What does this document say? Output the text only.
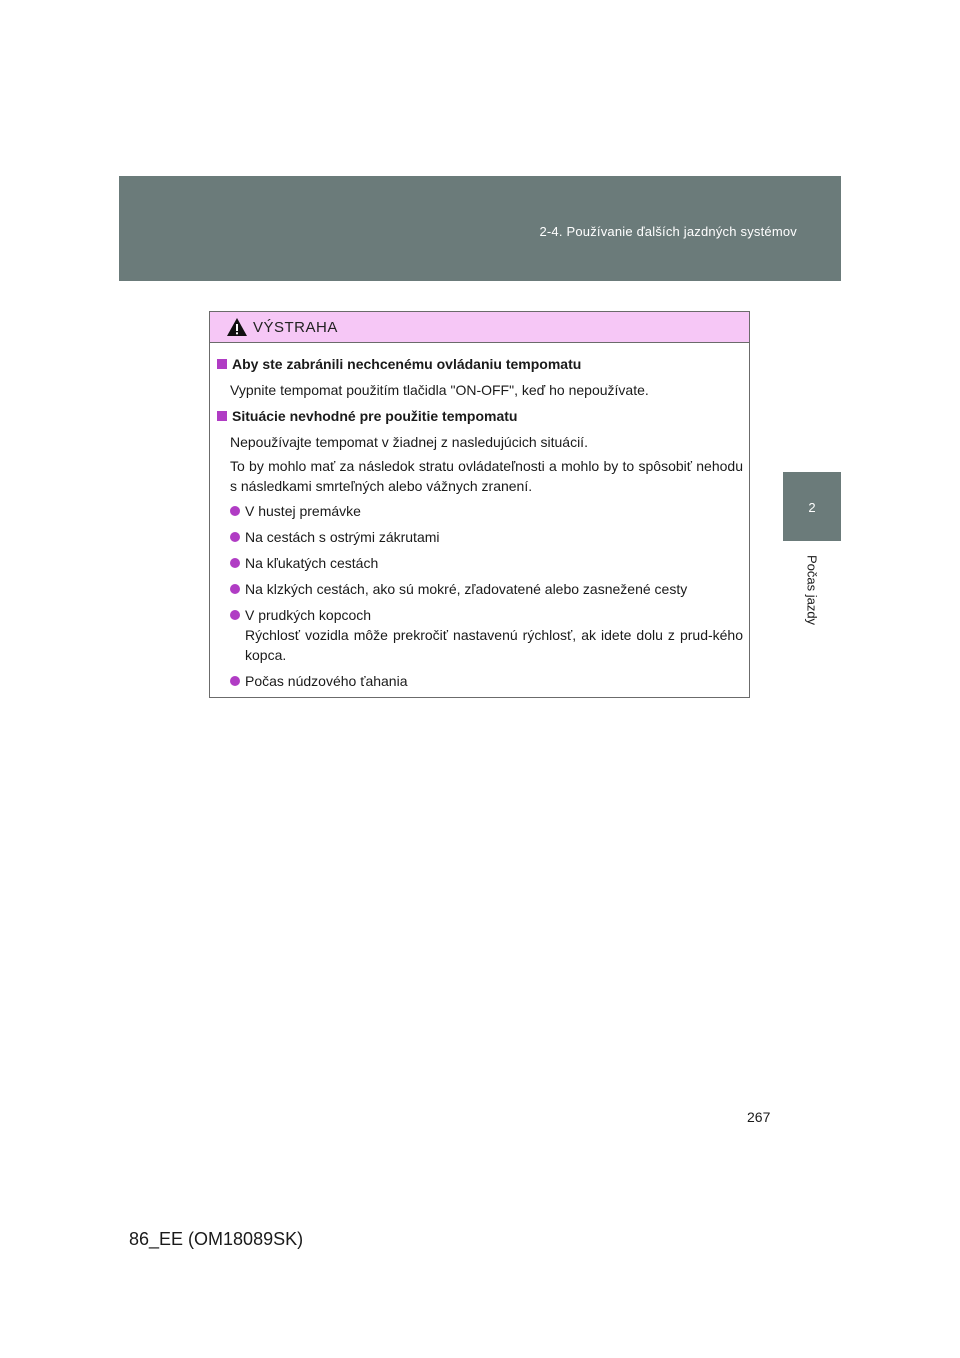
2-4. Používanie ďalších jazdných systémov
2
Počas jazdy
VÝSTRAHA
Aby ste zabránili nechcenému ovládaniu tempomatu
Vypnite tempomat použitím tlačidla "ON-OFF", keď ho nepoužívate.
Situácie nevhodné pre použitie tempomatu
Nepoužívajte tempomat v žiadnej z nasledujúcich situácií.
To by mohlo mať za následok stratu ovládateľnosti a mohlo by to spôsobiť nehodu s následkami smrteľných alebo vážnych zranení.
V hustej premávke
Na cestách s ostrými zákrutami
Na kľukatých cestách
Na klzkých cestách, ako sú mokré, zľadovatené alebo zasnežené cesty
V prudkých kopcoch
Rýchlosť vozidla môže prekročiť nastavenú rýchlosť, ak idete dolu z prud-kého kopca.
Počas núdzového ťahania
267
86_EE (OM18089SK)
